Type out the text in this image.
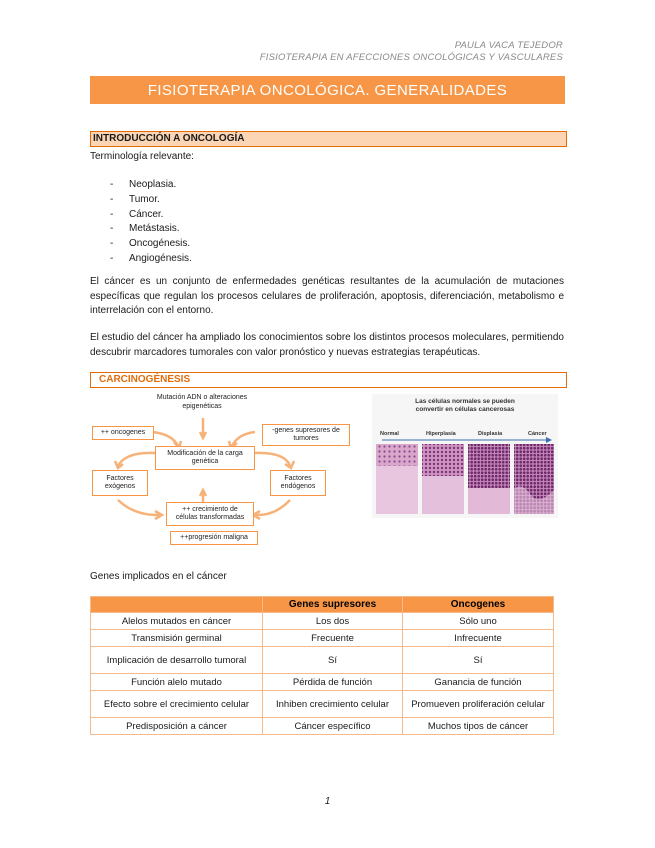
PAULA VACA TEJEDOR
FISIOTERAPIA EN AFECCIONES ONCOLÓGICAS Y VASCULARES
FISIOTERAPIA ONCOLÓGICA. GENERALIDADES
INTRODUCCIÓN A ONCOLOGÍA
Terminología relevante:
- Neoplasia.
- Tumor.
- Cáncer.
- Metástasis.
- Oncogénesis.
- Angiogénesis.
El cáncer es un conjunto de enfermedades genéticas resultantes de la acumulación de mutaciones específicas que regulan los procesos celulares de proliferación, apoptosis, diferenciación, metabolismo e interrelación con el entorno.
El estudio del cáncer ha ampliado los conocimientos sobre los distintos procesos moleculares, permitiendo descubrir marcadores tumorales con valor pronóstico y nuevas estrategias terapéuticas.
CARCINOGÉNESIS
Mutación ADN o alteraciones
epigenéticas
++ oncogenes	-genes supresores de
tumores
Modificación de la carga
genética
Factores
exógenos
Factores
endógenos
++ crecimiento de
células transformadas
++progresión maligna
Las células normales se pueden
convertir en células cancerosas
Normal	Hiperplasia	Displasia	Cáncer
Genes implicados en el cáncer
	Genes supresores	Oncogenes
Alelos mutados en cáncer	Los dos	Sólo uno
Transmisión germinal	Frecuente	Infrecuente
Implicación de desarrollo tumoral	Sí	Sí
Función alelo mutado	Pérdida de función	Ganancia de función
Efecto sobre el crecimiento celular	Inhiben crecimiento celular	Promueven proliferación celular
Predisposición a cáncer	Cáncer específico	Muchos tipos de cáncer
1
